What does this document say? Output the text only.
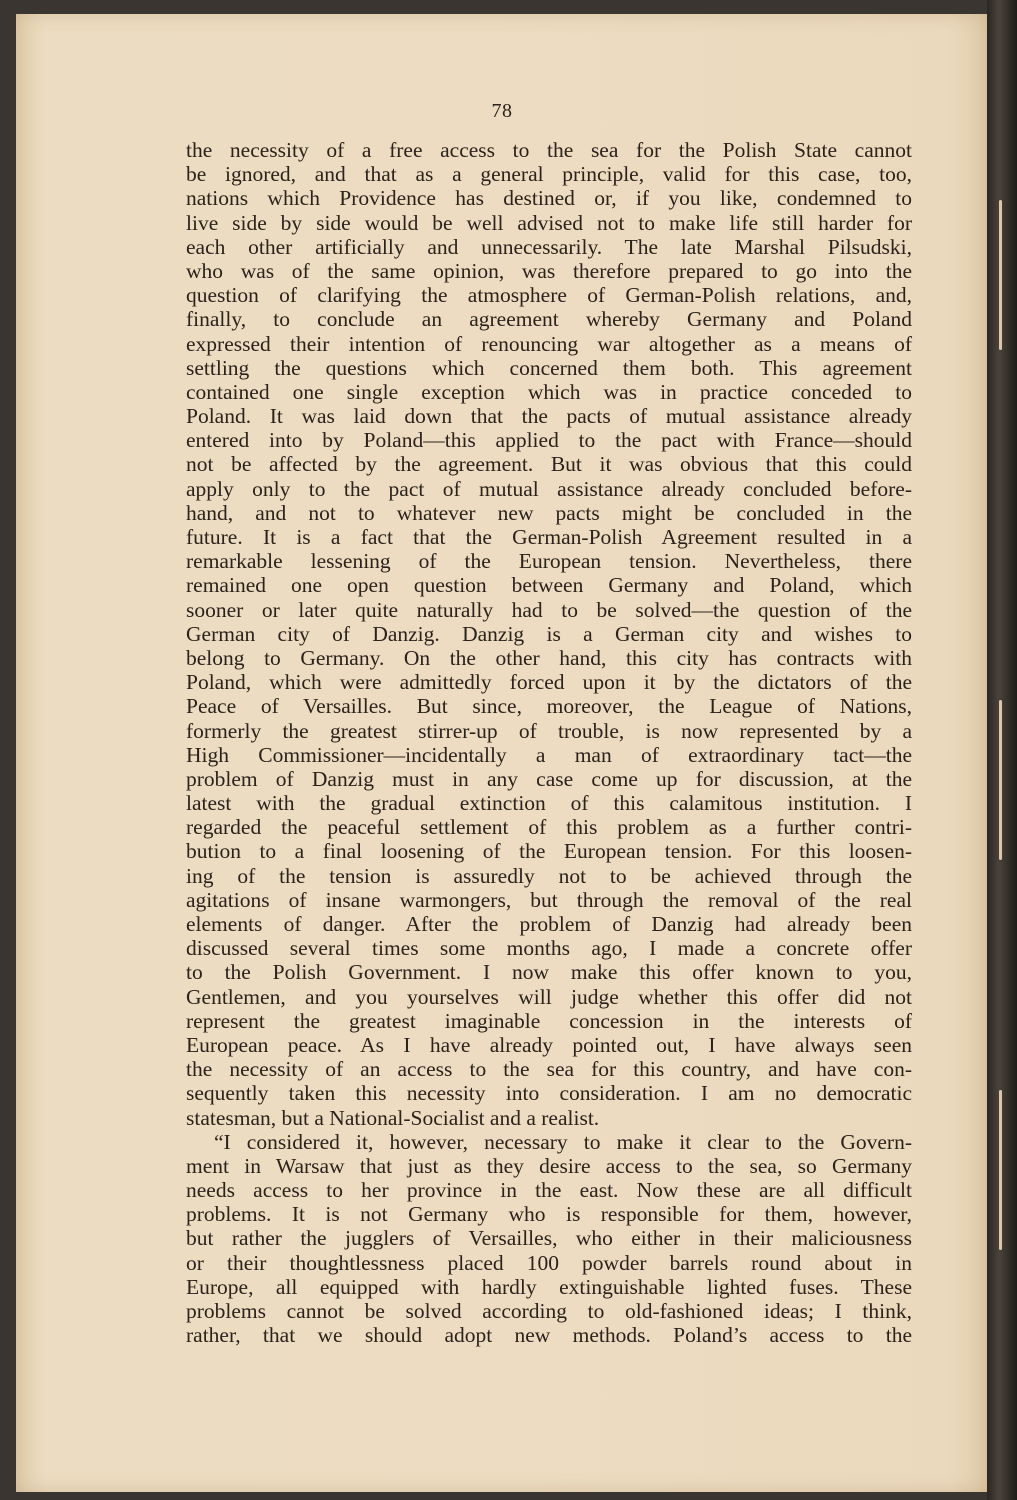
78
the necessity of a free access to the sea for the Polish State cannot
be ignored, and that as a general principle, valid for this case, too,
nations which Providence has destined or, if you like, condemned to
live side by side would be well advised not to make life still harder for
each other artificially and unnecessarily. The late Marshal Pilsudski,
who was of the same opinion, was therefore prepared to go into the
question of clarifying the atmosphere of German-Polish relations, and,
finally, to conclude an agreement whereby Germany and Poland
expressed their intention of renouncing war altogether as a means of
settling the questions which concerned them both. This agreement
contained one single exception which was in practice conceded to
Poland. It was laid down that the pacts of mutual assistance already
entered into by Poland—this applied to the pact with France—should
not be affected by the agreement. But it was obvious that this could
apply only to the pact of mutual assistance already concluded before-
hand, and not to whatever new pacts might be concluded in the
future. It is a fact that the German-Polish Agreement resulted in a
remarkable lessening of the European tension. Nevertheless, there
remained one open question between Germany and Poland, which
sooner or later quite naturally had to be solved—the question of the
German city of Danzig. Danzig is a German city and wishes to
belong to Germany. On the other hand, this city has contracts with
Poland, which were admittedly forced upon it by the dictators of the
Peace of Versailles. But since, moreover, the League of Nations,
formerly the greatest stirrer-up of trouble, is now represented by a
High Commissioner—incidentally a man of extraordinary tact—the
problem of Danzig must in any case come up for discussion, at the
latest with the gradual extinction of this calamitous institution. I
regarded the peaceful settlement of this problem as a further contri-
bution to a final loosening of the European tension. For this loosen-
ing of the tension is assuredly not to be achieved through the
agitations of insane warmongers, but through the removal of the real
elements of danger. After the problem of Danzig had already been
discussed several times some months ago, I made a concrete offer
to the Polish Government. I now make this offer known to you,
Gentlemen, and you yourselves will judge whether this offer did not
represent the greatest imaginable concession in the interests of
European peace. As I have already pointed out, I have always seen
the necessity of an access to the sea for this country, and have con-
sequently taken this necessity into consideration. I am no democratic
statesman, but a National-Socialist and a realist.
“I considered it, however, necessary to make it clear to the Govern-
ment in Warsaw that just as they desire access to the sea, so Germany
needs access to her province in the east. Now these are all difficult
problems. It is not Germany who is responsible for them, however,
but rather the jugglers of Versailles, who either in their maliciousness
or their thoughtlessness placed 100 powder barrels round about in
Europe, all equipped with hardly extinguishable lighted fuses. These
problems cannot be solved according to old-fashioned ideas; I think,
rather, that we should adopt new methods. Poland’s access to the
